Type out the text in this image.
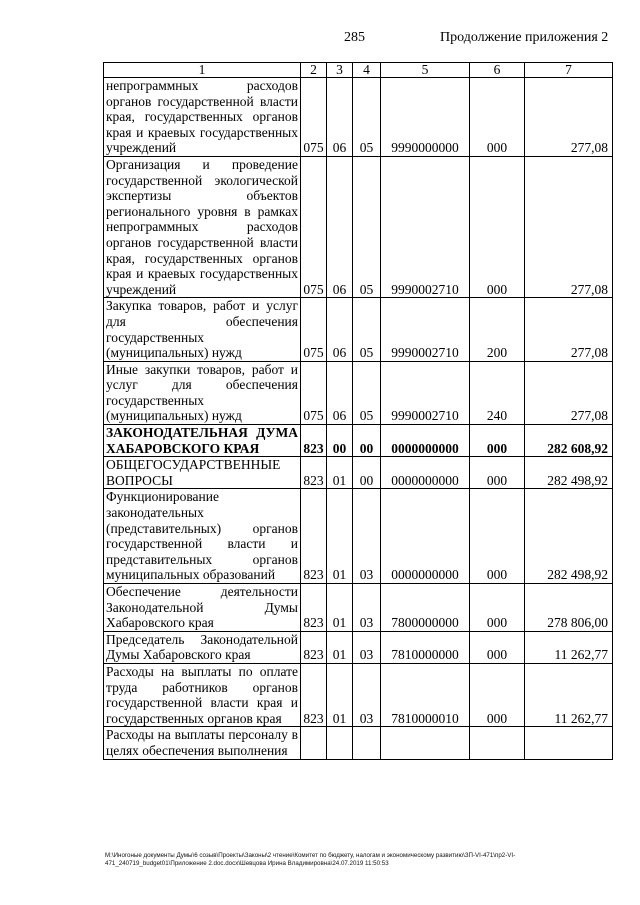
285	Продолжение приложения 2
1	2	3	4	5	6	7
непрограммных расходов органов государственной власти края, государственных органов края и краевых государственных учреждений	075	06	05	9990000000	000	277,08
Организация и проведение государственной экологической экспертизы объектов регионального уровня в рамках непрограммных расходов органов государственной власти края, государственных органов края и краевых государственных учреждений	075	06	05	9990002710	000	277,08
Закупка товаров, работ и услуг для обеспечения государственных (муниципальных) нужд	075	06	05	9990002710	200	277,08
Иные закупки товаров, работ и услуг для обеспечения государственных (муниципальных) нужд	075	06	05	9990002710	240	277,08
ЗАКОНОДАТЕЛЬНАЯ ДУМА ХАБАРОВСКОГО КРАЯ	823	00	00	0000000000	000	282 608,92
ОБЩЕГОСУДАРСТВЕННЫЕ ВОПРОСЫ	823	01	00	0000000000	000	282 498,92
Функционирование законодательных (представительных) органов государственной власти и представительных органов муниципальных образований	823	01	03	0000000000	000	282 498,92
Обеспечение деятельности Законодательной Думы Хабаровского края	823	01	03	7800000000	000	278 806,00
Председатель Законодательной Думы Хабаровского края	823	01	03	7810000000	000	11 262,77
Расходы на выплаты по оплате труда работников органов государственной власти края и государственных органов края	823	01	03	7810000010	000	11 262,77
Расходы на выплаты персоналу в целях обеспечения выполнения						
M:\Иногоные документы Думы\6 созыв\Проекты\Законы\2 чтение\Комитет по бюджету, налогам и экономическому развитию\ЗП-VI-471\пр2-VI-471_240719_budget01\Приложение 2.doc.docx\Шевцова Ирина Владимировна\24.07.2019 11:50:53
